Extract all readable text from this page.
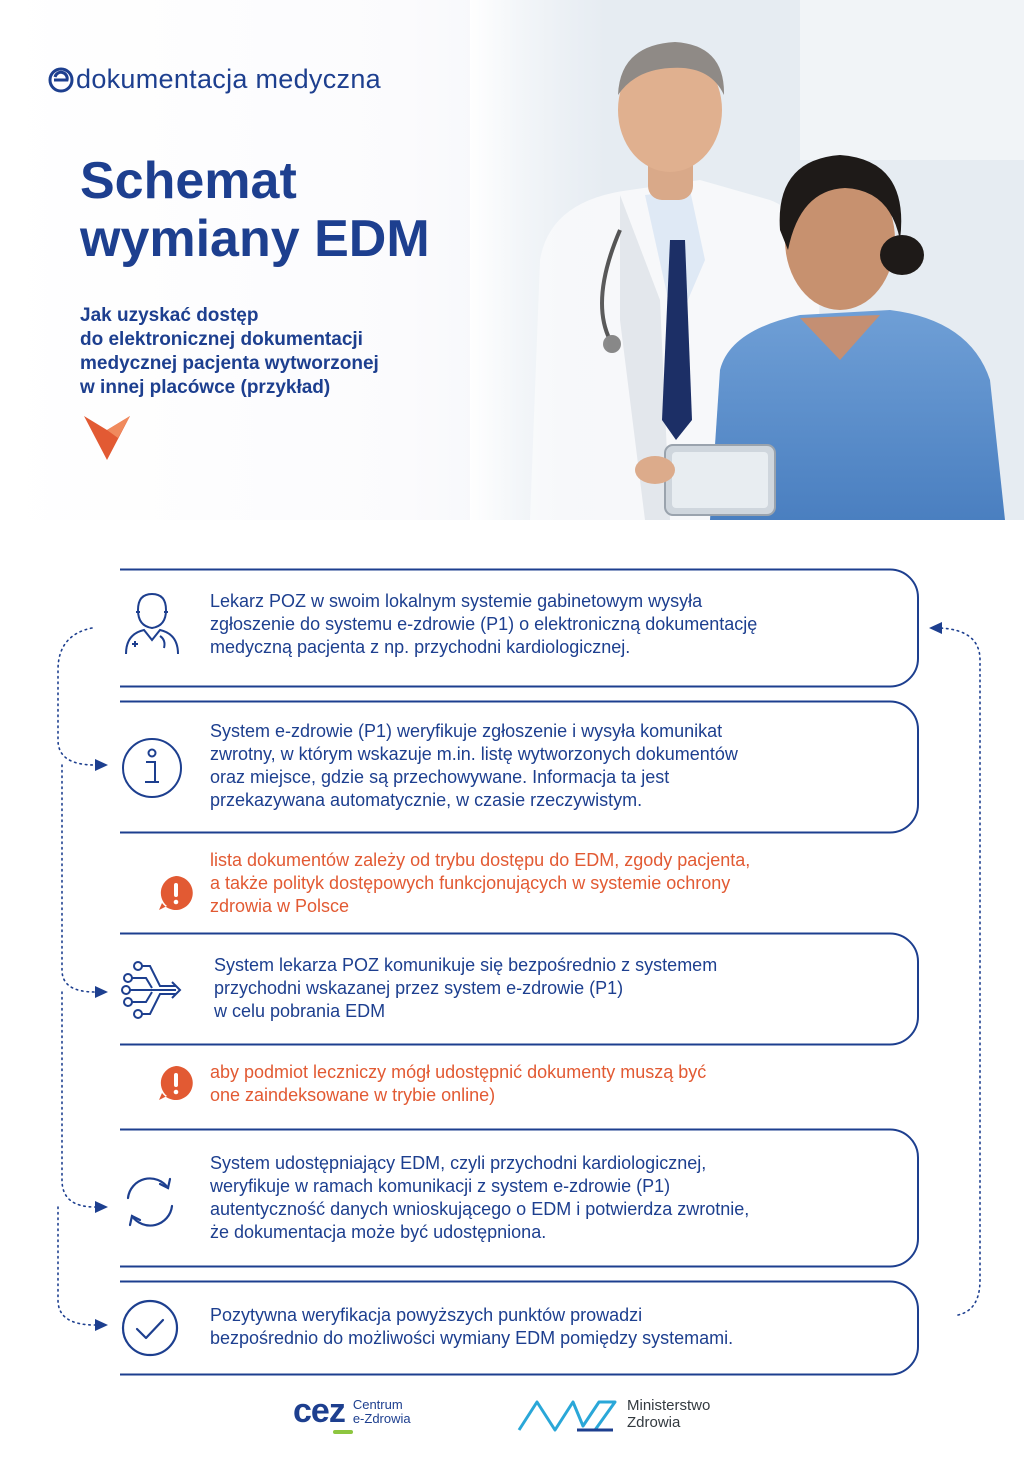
dokumentacja medyczna
Schemat
wymiany EDM

Jak uzyskać dostęp
do elektronicznej dokumentacji
medycznej pacjenta wytworzonej
w innej placówce (przykład)

Lekarz POZ w swoim lokalnym systemie gabinetowym wysyła
zgłoszenie do systemu e-zdrowie (P1) o elektroniczną dokumentację
medyczną pacjenta z np. przychodni kardiologicznej.
System e-zdrowie (P1) weryfikuje zgłoszenie i wysyła komunikat
zwrotny, w którym wskazuje m.in. listę wytworzonych dokumentów
oraz miejsce, gdzie są przechowywane. Informacja ta jest
przekazywana automatycznie, w czasie rzeczywistym.
lista dokumentów zależy od trybu dostępu do EDM, zgody pacjenta,
a także polityk dostępowych funkcjonujących w systemie ochrony
zdrowia w Polsce
System lekarza POZ komunikuje się bezpośrednio z systemem
przychodni wskazanej przez system e-zdrowie (P1)
w celu pobrania EDM
aby podmiot leczniczy mógł udostępnić dokumenty muszą być
one zaindeksowane w trybie online)
System udostępniający EDM, czyli przychodni kardiologicznej,
weryfikuje w ramach komunikacji z system e-zdrowie (P1)
autentyczność danych wnioskującego o EDM i potwierdza zwrotnie,
że dokumentacja może być udostępniona.
Pozytywna weryfikacja powyższych punktów prowadzi
bezpośrednio do możliwości wymiany EDM pomiędzy systemami.
cez Centrum
e-Zdrowia
Ministerstwo
Zdrowia
